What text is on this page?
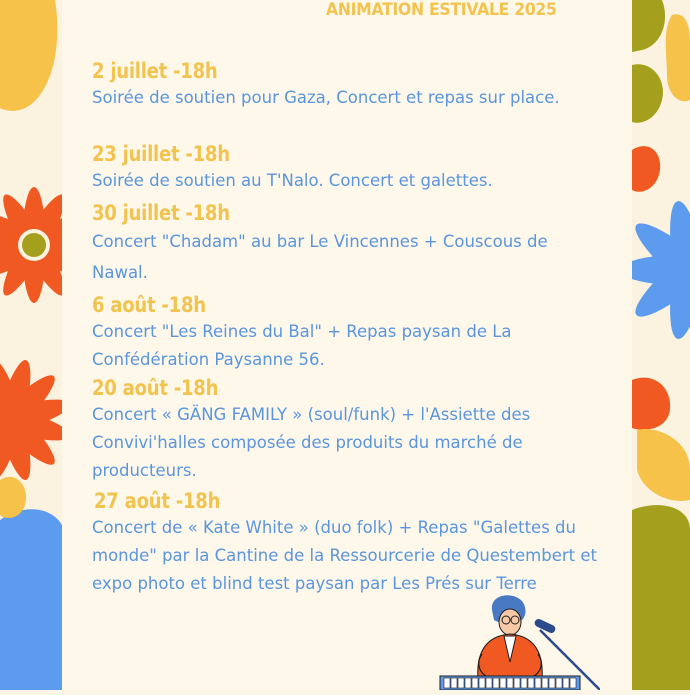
ANIMATION ESTIVALE 2025
2 juillet -18h
Soirée de soutien pour Gaza, Concert et repas sur place.
23 juillet -18h
Soirée de soutien au T'Nalo. Concert et galettes.
30 juillet -18h
Concert "Chadam" au bar Le Vincennes + Couscous de Nawal.
6 août -18h
Concert "Les Reines du Bal" + Repas paysan de La Confédération Paysanne 56.
20 août -18h
Concert « GÄNG FAMILY » (soul/funk) + l'Assiette des Convivi'halles composée des produits du marché de producteurs.
27 août -18h
Concert de « Kate White » (duo folk) + Repas "Galettes du monde" par la Cantine de la Ressourcerie de Questembert et expo photo et blind test paysan par Les Prés sur Terre
